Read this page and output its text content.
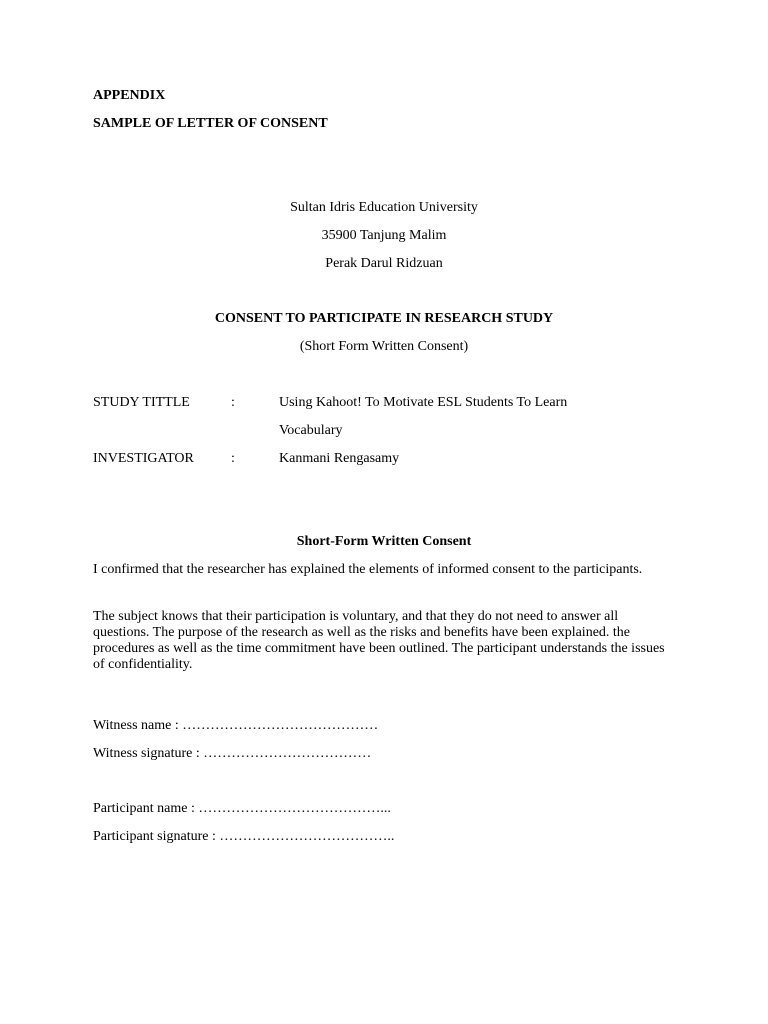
APPENDIX
SAMPLE OF LETTER OF CONSENT
Sultan Idris Education University
35900 Tanjung Malim
Perak Darul Ridzuan
CONSENT TO PARTICIPATE IN RESEARCH STUDY
(Short Form Written Consent)
STUDY TITTLE	:	Using Kahoot! To Motivate ESL Students To Learn
Vocabulary
INVESTIGATOR	:	Kanmani Rengasamy
Short-Form Written Consent
I confirmed that the researcher has explained the elements of informed consent to the participants.
The subject knows that their participation is voluntary, and that they do not need to answer all questions. The purpose of the research as well as the risks and benefits have been explained. the procedures as well as the time commitment have been outlined. The participant understands the issues of confidentiality.
Witness name : ……………………………………
Witness signature : ………………………………
Participant name : …………………………………...
Participant signature : ………………………………..
